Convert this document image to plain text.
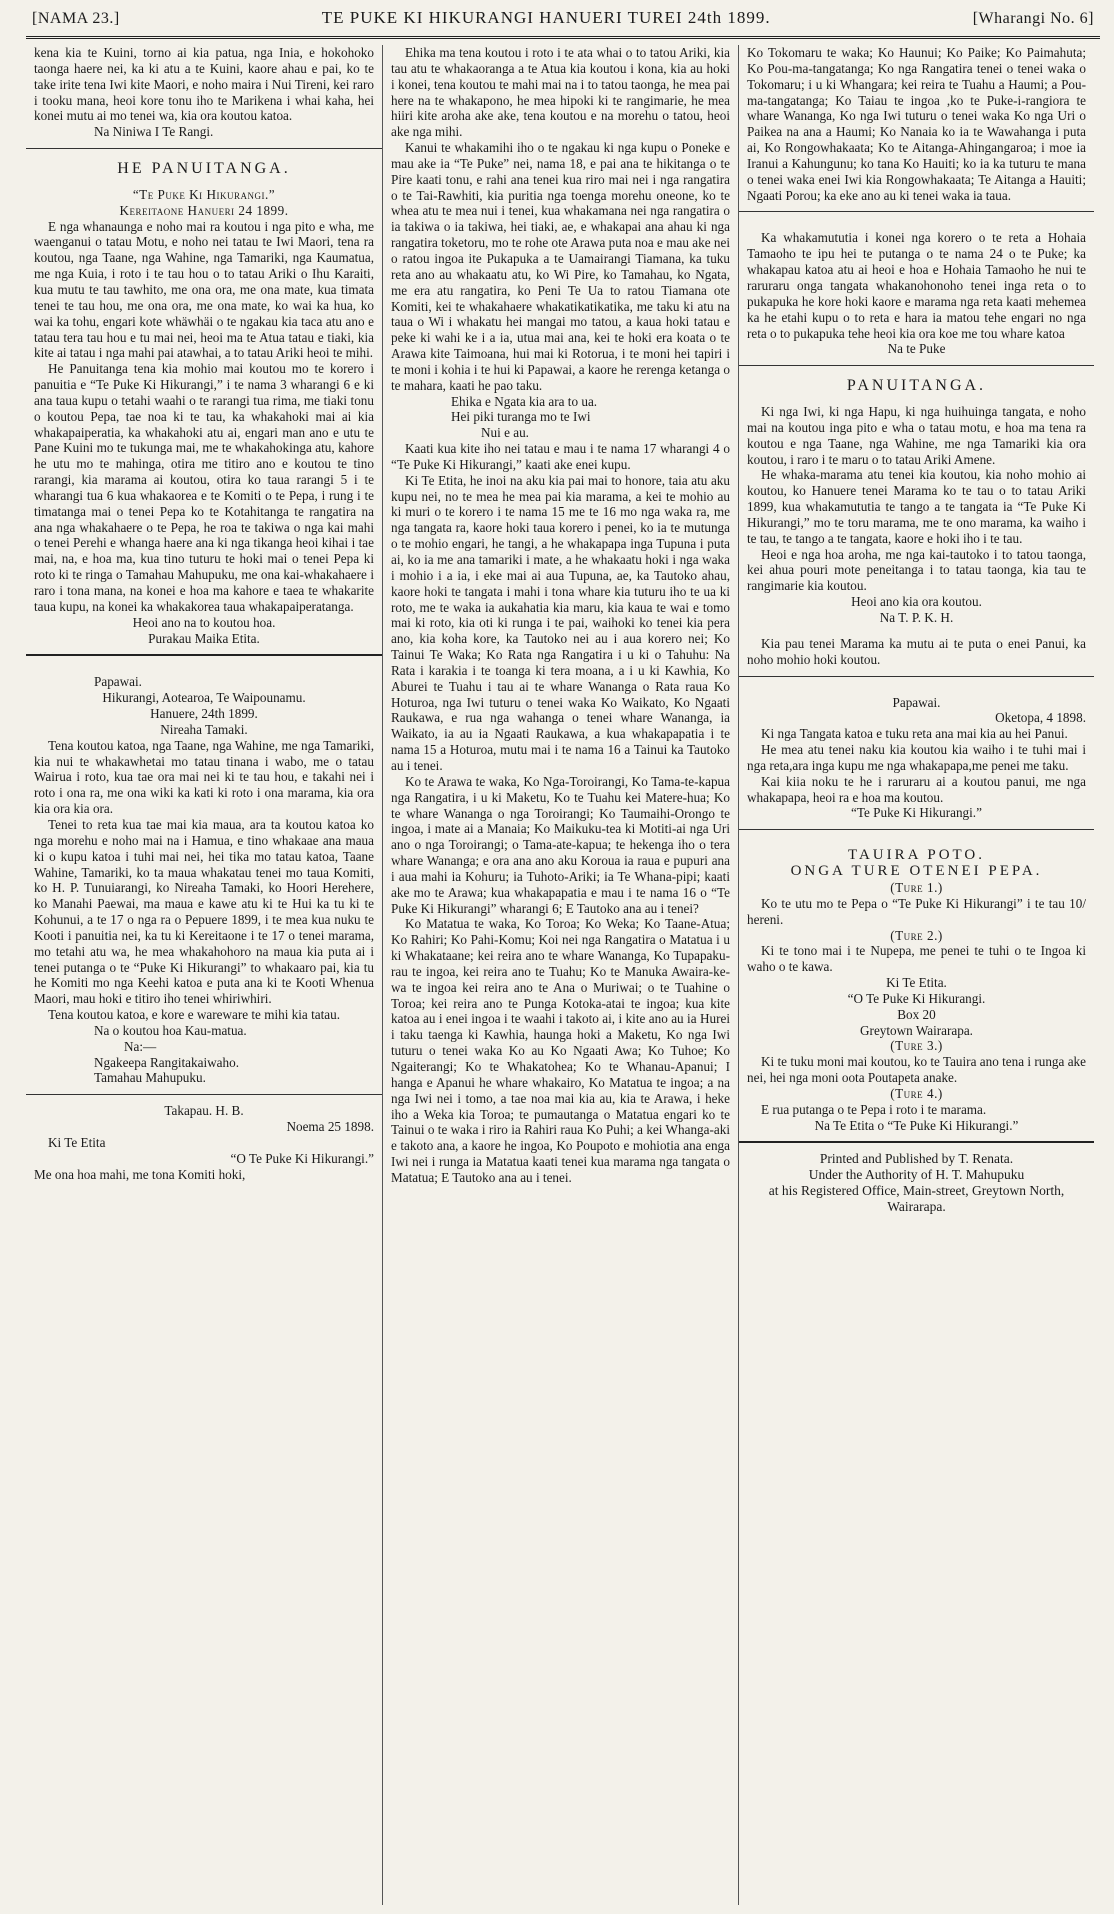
[NAMA 23.]	TE PUKE KI HIKURANGI HANUERI TUREI 24th 1899.	[Wharangi No. 6]

kena kia te Kuini, torno ai kia patua, nga Inia, e hokohoko taonga haere nei, ka ki atu a te Kuini, kaore ahau e pai, ko te take irite tena Iwi kite Maori, e noho maira i Nui Tireni, kei raro i tooku mana, heoi kore tonu iho te Marikena i whai kaha, hei konei mutu ai mo tenei wa, kia ora koutou katoa.

Na Niniwa I Te Rangi.

HE PANUITANGA.

“Te Puke Ki Hikurangi.”

Kereitaone Hanueri 24 1899.

E nga whanaunga e noho mai ra koutou i nga pito e wha, me waenganui o tatau Motu, e noho nei tatau te Iwi Maori, tena ra koutou, nga Taane, nga Wahine, nga Tamariki, nga Kaumatua, me nga Kuia, i roto i te tau hou o to tatau Ariki o Ihu Karaiti, kua mutu te tau tawhito, me ona ora, me ona mate, kua timata tenei te tau hou, me ona ora, me ona mate, ko wai ka hua, ko wai ka tohu, engari kote whäwhäi o te ngakau kia taca atu ano e tatau tera tau hou e tu mai nei, heoi ma te Atua tatau e tiaki, kia kite ai tatau i nga mahi pai atawhai, a to tatau Ariki heoi te mihi.

He Panuitanga tena kia mohio mai koutou mo te korero i panuitia e “Te Puke Ki Hikurangi,” i te nama 3 wharangi 6 e ki ana taua kupu o tetahi waahi o te rarangi tua rima, me tiaki tonu o koutou Pepa, tae noa ki te tau, ka whakahoki mai ai kia whakapaiperatia, ka whakahoki atu ai, engari man ano e utu te Pane Kuini mo te tukunga mai, me te whakahokinga atu, kahore he utu mo te mahinga, otira me titiro ano e koutou te tino rarangi, kia marama ai koutou, otira ko taua rarangi 5 i te wharangi tua 6 kua whakaorea e te Komiti o te Pepa, i rung i te timatanga mai o tenei Pepa ko te Kotahitanga te rangatira na ana nga whakahaere o te Pepa, he roa te takiwa o nga kai mahi o tenei Perehi e whanga haere ana ki nga tikanga heoi kihai i tae mai, na, e hoa ma, kua tino tuturu te hoki mai o tenei Pepa ki roto ki te ringa o Tamahau Mahupuku, me ona kai-whakahaere i raro i tona mana, na konei e hoa ma kahore e taea te whakarite taua kupu, na konei ka whakakorea taua whakapaiperatanga.

Heoi ano na to koutou hoa.

Purakau Maika Etita.

Papawai.

Hikurangi, Aotearoa, Te Waipounamu.

Hanuere, 24th 1899.

Nireaha Tamaki.

Tena koutou katoa, nga Taane, nga Wahine, me nga Tamariki, kia nui te whakawhetai mo tatau tinana i wabo, me o tatau Wairua i roto, kua tae ora mai nei ki te tau hou, e takahi nei i roto i ona ra, me ona wiki ka kati ki roto i ona marama, kia ora kia ora kia ora.

Tenei to reta kua tae mai kia maua, ara ta koutou katoa ko nga morehu e noho mai na i Hamua, e tino whakaae ana maua ki o kupu katoa i tuhi mai nei, hei tika mo tatau katoa, Taane Wahine, Tamariki, ko ta maua whakatau tenei mo taua Komiti, ko H. P. Tunuiarangi, ko Nireaha Tamaki, ko Hoori Herehere, ko Manahi Paewai, ma maua e kawe atu ki te Hui ka tu ki te Kohunui, a te 17 o nga ra o Pepuere 1899, i te mea kua nuku te Kooti i panuitia nei, ka tu ki Kereitaone i te 17 o tenei marama, mo tetahi atu wa, he mea whakahohoro na maua kia puta ai i tenei putanga o te “Puke Ki Hikurangi” to whakaaro pai, kia tu he Komiti mo nga Keehi katoa e puta ana ki te Kooti Whenua Maori, mau hoki e titiro iho tenei whiriwhiri.

Tena koutou katoa, e kore e wareware te mihi kia tatau.

Na o koutou hoa Kau-matua.

Na:—

Ngakeepa Rangitakaiwaho.

Tamahau Mahupuku.

Takapau. H. B.

Noema 25 1898.

Ki Te Etita

“O Te Puke Ki Hikurangi.”

Me ona hoa mahi, me tona Komiti hoki,

Ehika ma tena koutou i roto i te ata whai o to tatou Ariki, kia tau atu te whakaoranga a te Atua kia koutou i kona, kia au hoki i konei, tena koutou te mahi mai na i to tatou taonga, he mea pai here na te whakapono, he mea hipoki ki te rangimarie, he mea hiiri kite aroha ake ake, tena koutou e na morehu o tatou, heoi ake nga mihi.

Kanui te whakamihi iho o te ngakau ki nga kupu o Poneke e mau ake ia “Te Puke” nei, nama 18, e pai ana te hikitanga o te Pire kaati tonu, e rahi ana tenei kua riro mai nei i nga rangatira o te Tai-Rawhiti, kia puritia nga toenga morehu oneone, ko te whea atu te mea nui i tenei, kua whakamana nei nga rangatira o ia takiwa o ia takiwa, hei tiaki, ae, e whakapai ana ahau ki nga rangatira toketoru, mo te rohe ote Arawa puta noa e mau ake nei o ratou ingoa ite Pukapuka a te Uamairangi Tiamana, ka tuku reta ano au whakaatu atu, ko Wi Pire, ko Tamahau, ko Ngata, me era atu rangatira, ko Peni Te Ua to ratou Tiamana ote Komiti, kei te whakahaere whakatikatikatika, me taku ki atu na taua o Wi i whakatu hei mangai mo tatou, a kaua hoki tatau e peke ki wahi ke i a ia, utua mai ana, kei te hoki era koata o te Arawa kite Taimoana, hui mai ki Rotorua, i te moni hei tapiri i te moni i kohia i te hui ki Papawai, a kaore he rerenga ketanga o te mahara, kaati he pao taku.

Ehika e Ngata kia ara to ua.

Hei piki turanga mo te Iwi

Nui e au.

Kaati kua kite iho nei tatau e mau i te nama 17 wharangi 4 o “Te Puke Ki Hikurangi,” kaati ake enei kupu.

Ki Te Etita, he inoi na aku kia pai mai to honore, taia atu aku kupu nei, no te mea he mea pai kia marama, a kei te mohio au ki muri o te korero i te nama 15 me te 16 mo nga waka ra, me nga tangata ra, kaore hoki taua korero i penei, ko ia te mutunga o te mohio engari, he tangi, a he whakapapa inga Tupuna i puta ai, ko ia me ana tamariki i mate, a he whakaatu hoki i nga waka i mohio i a ia, i eke mai ai aua Tupuna, ae, ka Tautoko ahau, kaore hoki te tangata i mahi i tona whare kia tuturu iho te ua ki roto, me te waka ia aukahatia kia maru, kia kaua te wai e tomo mai ki roto, kia oti ki runga i te pai, waihoki ko tenei kia pera ano, kia koha kore, ka Tautoko nei au i aua korero nei; Ko Tainui Te Waka; Ko Rata nga Rangatira i u ki o Tahuhu: Na Rata i karakia i te toanga ki tera moana, a i u ki Kawhia, Ko Aburei te Tuahu i tau ai te whare Wananga o Rata raua Ko Hoturoa, nga Iwi tuturu o tenei waka Ko Waikato, Ko Ngaati Raukawa, e rua nga wahanga o tenei whare Wananga, ia Waikato, ia au ia Ngaati Raukawa, a kua whakapapatia i te nama 15 a Hoturoa, mutu mai i te nama 16 a Tainui ka Tautoko au i tenei.

Ko te Arawa te waka, Ko Nga-Toroirangi, Ko Tama-te-kapua nga Rangatira, i u ki Maketu, Ko te Tuahu kei Matere-hua; Ko te whare Wananga o nga Toroirangi; Ko Taumaihi-Orongo te ingoa, i mate ai a Manaia; Ko Maikuku-tea ki Motiti-ai nga Uri ano o nga Toroirangi; o Tama-ate-kapua; te hekenga iho o tera whare Wananga; e ora ana ano aku Koroua ia raua e pupuri ana i aua mahi ia Kohuru; ia Tuhoto-Ariki; ia Te Whana-pipi; kaati ake mo te Arawa; kua whakapapatia e mau i te nama 16 o “Te Puke Ki Hikurangi” wharangi 6; E Tautoko ana au i tenei?

Ko Matatua te waka, Ko Toroa; Ko Weka; Ko Taane-Atua; Ko Rahiri; Ko Pahi-Komu; Koi nei nga Rangatira o Matatua i u ki Whakataane; kei reira ano te whare Wananga, Ko Tupapaku-rau te ingoa, kei reira ano te Tuahu; Ko te Manuka Awaira-ke-wa te ingoa kei reira ano te Ana o Muriwai; o te Tuahine o Toroa; kei reira ano te Punga Kotoka-atai te ingoa; kua kite katoa au i enei ingoa i te waahi i takoto ai, i kite ano au ia Hurei i taku taenga ki Kawhia, haunga hoki a Maketu, Ko nga Iwi tuturu o tenei waka Ko au Ko Ngaati Awa; Ko Tuhoe; Ko Ngaiterangi; Ko te Whakatohea; Ko te Whanau-Apanui; I hanga e Apanui he whare whakairo, Ko Matatua te ingoa; a na nga Iwi nei i tomo, a tae noa mai kia au, kia te Arawa, i heke iho a Weka kia Toroa; te pumautanga o Matatua engari ko te Tainui o te waka i riro ia Rahiri raua Ko Puhi; a kei Whanga-aki e takoto ana, a kaore he ingoa, Ko Poupoto e mohiotia ana enga Iwi nei i runga ia Matatua kaati tenei kua marama nga tangata o Matatua; E Tautoko ana au i tenei.

Ko Tokomaru te waka; Ko Haunui; Ko Paike; Ko Paimahuta; Ko Pou-ma-tangatanga; Ko nga Rangatira tenei o tenei waka o Tokomaru; i u ki Whangara; kei reira te Tuahu a Haumi; a Pou-ma-tangatanga; Ko Taiau te ingoa ,ko te Puke-i-rangiora te whare Wananga, Ko nga Iwi tuturu o tenei waka Ko nga Uri o Paikea na ana a Haumi; Ko Nanaia ko ia te Wawahanga i puta ai, Ko Rongowhakaata; Ko te Aitanga-Ahingangaroa; i moe ia Iranui a Kahungunu; ko tana Ko Hauiti; ko ia ka tuturu te mana o tenei waka enei Iwi kia Rongowhakaata; Te Aitanga a Hauiti; Ngaati Porou; ka eke ano au ki tenei waka ia taua.

Ka whakamututia i konei nga korero o te reta a Hohaia Tamaoho te ipu hei te putanga o te nama 24 o te Puke; ka whakapau katoa atu ai heoi e hoa e Hohaia Tamaoho he nui te raruraru onga tangata whakanohonoho tenei inga reta o to pukapuka he kore hoki kaore e marama nga reta kaati mehemea ka he etahi kupu o to reta e hara ia matou tehe engari no nga reta o to pukapuka tehe heoi kia ora koe me tou whare katoa

Na te Puke

PANUITANGA.

Ki nga Iwi, ki nga Hapu, ki nga huihuinga tangata, e noho mai na koutou inga pito e wha o tatau motu, e hoa ma tena ra koutou e nga Taane, nga Wahine, me nga Tamariki kia ora koutou, i raro i te maru o to tatau Ariki Amene.

He whaka-marama atu tenei kia koutou, kia noho mohio ai koutou, ko Hanuere tenei Marama ko te tau o to tatau Ariki 1899, kua whakamututia te tango a te tangata ia “Te Puke Ki Hikurangi,” mo te toru marama, me te ono marama, ka waiho i te tau, te tango a te tangata, kaore e hoki iho i te tau.

Heoi e nga hoa aroha, me nga kai-tautoko i to tatou taonga, kei ahua pouri mote peneitanga i to tatau taonga, kia tau te rangimarie kia koutou.

Heoi ano kia ora koutou.

Na T. P. K. H.

Kia pau tenei Marama ka mutu ai te puta o enei Panui, ka noho mohio hoki koutou.

Papawai.

Oketopa, 4 1898.

Ki nga Tangata katoa e tuku reta ana mai kia au hei Panui.

He mea atu tenei naku kia koutou kia waiho i te tuhi mai i nga reta,ara inga kupu me nga whakapapa,me penei me taku.

Kai kiia noku te he i raruraru ai a koutou panui, me nga whakapapa, heoi ra e hoa ma koutou.

“Te Puke Ki Hikurangi.”

TAUIRA POTO.

ONGA TURE OTENEI PEPA.

(Ture 1.)

Ko te utu mo te Pepa o “Te Puke Ki Hikurangi” i te tau 10/ hereni.

(Ture 2.)

Ki te tono mai i te Nupepa, me penei te tuhi o te Ingoa ki waho o te kawa.

Ki Te Etita.

“O Te Puke Ki Hikurangi.

Box 20

Greytown Wairarapa.

(Ture 3.)

Ki te tuku moni mai koutou, ko te Tauira ano tena i runga ake nei, hei nga moni oota Poutapeta anake.

(Ture 4.)

E rua putanga o te Pepa i roto i te marama.

Na Te Etita o “Te Puke Ki Hikurangi.”

Printed and Published by T. Renata.

Under the Authority of H. T. Mahupuku

at his Registered Office, Main-street, Greytown North, Wairarapa.
